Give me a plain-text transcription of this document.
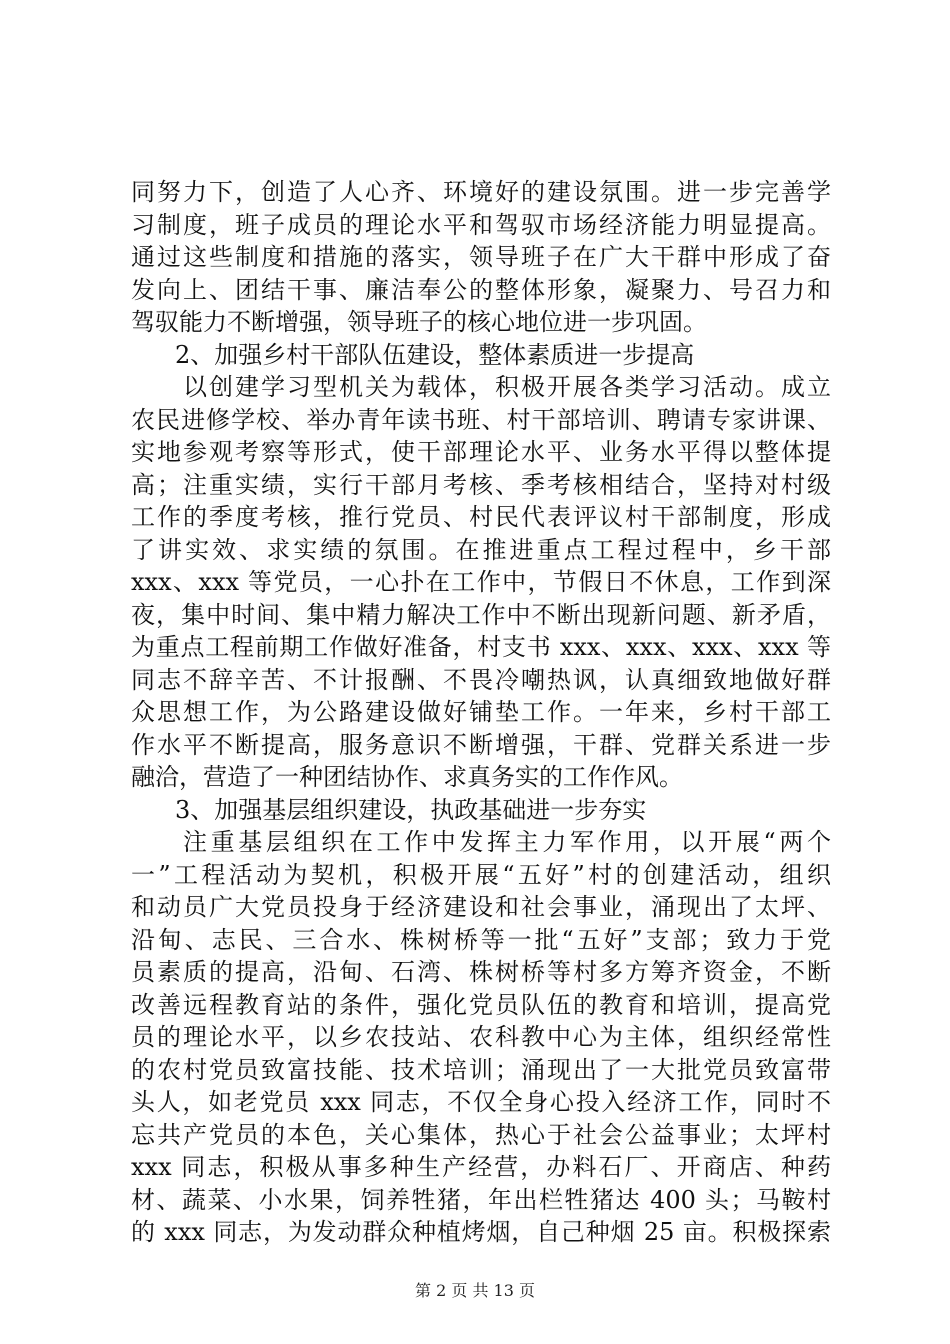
同努力下，创造了人心齐、环境好的建设氛围。进一步完善学
习制度，班子成员的理论水平和驾驭市场经济能力明显提高。
通过这些制度和措施的落实，领导班子在广大干群中形成了奋
发向上、团结干事、廉洁奉公的整体形象，凝聚力、号召力和
驾驭能力不断增强，领导班子的核心地位进一步巩固。
2、加强乡村干部队伍建设，整体素质进一步提高
以创建学习型机关为载体，积极开展各类学习活动。成立
农民进修学校、举办青年读书班、村干部培训、聘请专家讲课、
实地参观考察等形式，使干部理论水平、业务水平得以整体提
高；注重实绩，实行干部月考核、季考核相结合，坚持对村级
工作的季度考核，推行党员、村民代表评议村干部制度，形成
了讲实效、求实绩的氛围。在推进重点工程过程中，乡干部
xxx、xxx 等党员，一心扑在工作中，节假日不休息，工作到深
夜，集中时间、集中精力解决工作中不断出现新问题、新矛盾，
为重点工程前期工作做好准备，村支书 xxx、xxx、xxx、xxx 等
同志不辞辛苦、不计报酬、不畏冷嘲热讽，认真细致地做好群
众思想工作，为公路建设做好铺垫工作。一年来，乡村干部工
作水平不断提高，服务意识不断增强，干群、党群关系进一步
融洽，营造了一种团结协作、求真务实的工作作风。
3、加强基层组织建设，执政基础进一步夯实
注重基层组织在工作中发挥主力军作用，以开展“两个
一”工程活动为契机，积极开展“五好”村的创建活动，组织
和动员广大党员投身于经济建设和社会事业，涌现出了太坪、
沿甸、志民、三合水、株树桥等一批“五好”支部；致力于党
员素质的提高，沿甸、石湾、株树桥等村多方筹齐资金，不断
改善远程教育站的条件，强化党员队伍的教育和培训，提高党
员的理论水平，以乡农技站、农科教中心为主体，组织经常性
的农村党员致富技能、技术培训；涌现出了一大批党员致富带
头人，如老党员 xxx 同志，不仅全身心投入经济工作，同时不
忘共产党员的本色，关心集体，热心于社会公益事业；太坪村
xxx 同志，积极从事多种生产经营，办料石厂、开商店、种药
材、蔬菜、小水果，饲养牲猪，年出栏牲猪达 400 头；马鞍村
的 xxx 同志，为发动群众种植烤烟，自己种烟 25 亩。积极探索
第 2 页 共 13 页
